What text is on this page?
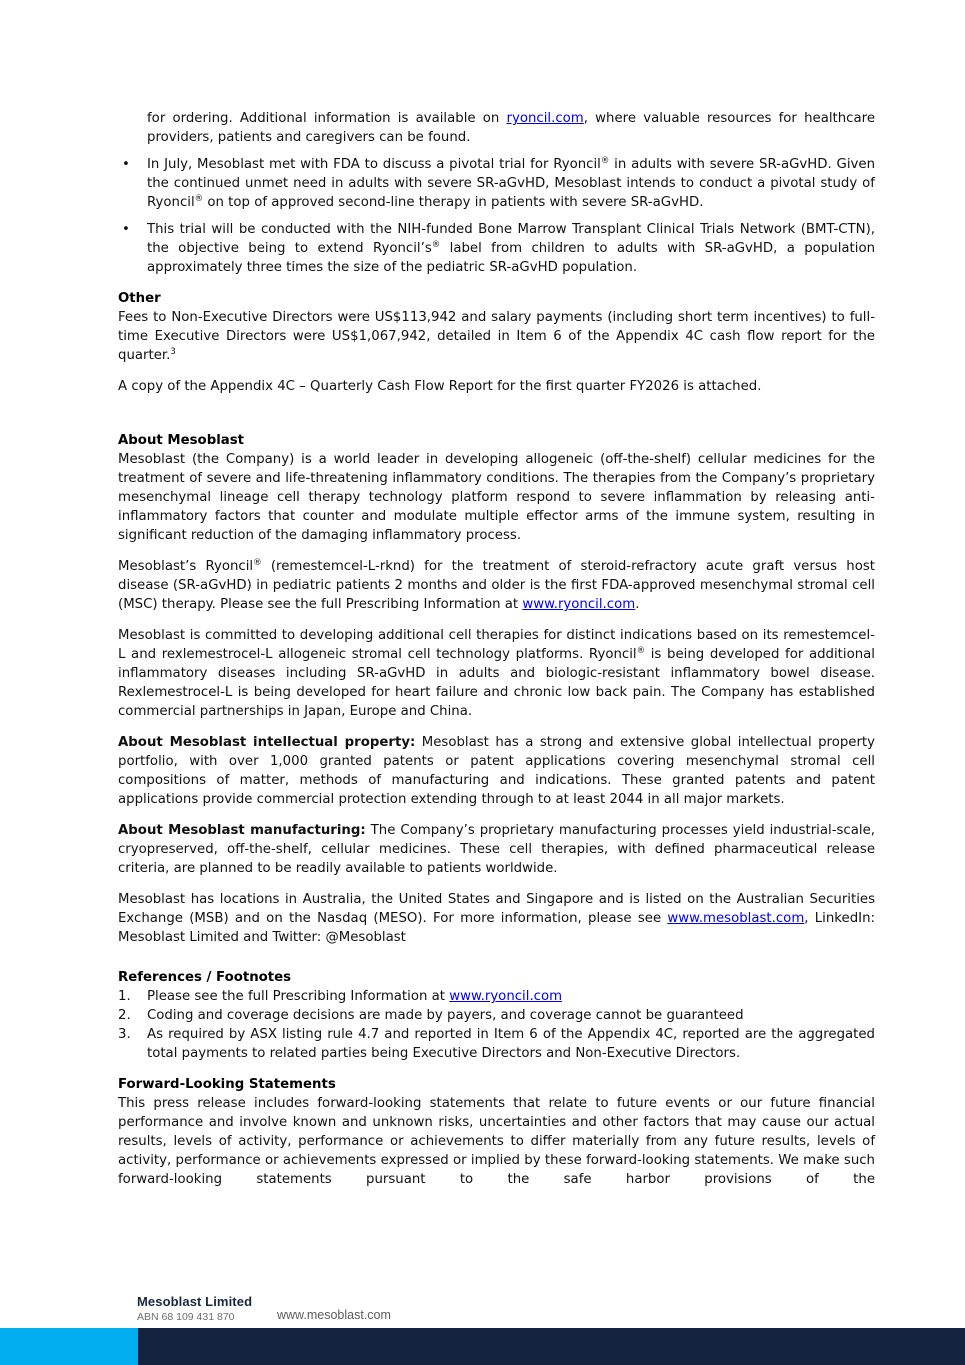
for ordering. Additional information is available on ryoncil.com, where valuable resources for healthcare providers, patients and caregivers can be found.

• In July, Mesoblast met with FDA to discuss a pivotal trial for Ryoncil® in adults with severe SR-aGvHD. Given the continued unmet need in adults with severe SR-aGvHD, Mesoblast intends to conduct a pivotal study of Ryoncil® on top of approved second-line therapy in patients with severe SR-aGvHD.

• This trial will be conducted with the NIH-funded Bone Marrow Transplant Clinical Trials Network (BMT-CTN), the objective being to extend Ryoncil’s® label from children to adults with SR-aGvHD, a population approximately three times the size of the pediatric SR-aGvHD population.

Other

Fees to Non-Executive Directors were US$113,942 and salary payments (including short term incentives) to full-time Executive Directors were US$1,067,942, detailed in Item 6 of the Appendix 4C cash flow report for the quarter.$^3$

A copy of the Appendix 4C – Quarterly Cash Flow Report for the first quarter FY2026 is attached.

About Mesoblast

Mesoblast (the Company) is a world leader in developing allogeneic (off-the-shelf) cellular medicines for the treatment of severe and life-threatening inflammatory conditions. The therapies from the Company’s proprietary mesenchymal lineage cell therapy technology platform respond to severe inflammation by releasing anti-inflammatory factors that counter and modulate multiple effector arms of the immune system, resulting in significant reduction of the damaging inflammatory process.

Mesoblast’s Ryoncil® (remestemcel-L-rknd) for the treatment of steroid-refractory acute graft versus host disease (SR-aGvHD) in pediatric patients 2 months and older is the first FDA-approved mesenchymal stromal cell (MSC) therapy. Please see the full Prescribing Information at www.ryoncil.com.

Mesoblast is committed to developing additional cell therapies for distinct indications based on its remestemcel-L and rexlemestrocel-L allogeneic stromal cell technology platforms. Ryoncil® is being developed for additional inflammatory diseases including SR-aGvHD in adults and biologic-resistant inflammatory bowel disease. Rexlemestrocel-L is being developed for heart failure and chronic low back pain. The Company has established commercial partnerships in Japan, Europe and China.

About Mesoblast intellectual property: Mesoblast has a strong and extensive global intellectual property portfolio, with over 1,000 granted patents or patent applications covering mesenchymal stromal cell compositions of matter, methods of manufacturing and indications. These granted patents and patent applications provide commercial protection extending through to at least 2044 in all major markets.

About Mesoblast manufacturing: The Company’s proprietary manufacturing processes yield industrial-scale, cryopreserved, off-the-shelf, cellular medicines. These cell therapies, with defined pharmaceutical release criteria, are planned to be readily available to patients worldwide.

Mesoblast has locations in Australia, the United States and Singapore and is listed on the Australian Securities Exchange (MSB) and on the Nasdaq (MESO). For more information, please see www.mesoblast.com, LinkedIn: Mesoblast Limited and Twitter: @Mesoblast

References / Footnotes

1. Please see the full Prescribing Information at www.ryoncil.com

2. Coding and coverage decisions are made by payers, and coverage cannot be guaranteed

3. As required by ASX listing rule 4.7 and reported in Item 6 of the Appendix 4C, reported are the aggregated total payments to related parties being Executive Directors and Non-Executive Directors.

Forward-Looking Statements

This press release includes forward-looking statements that relate to future events or our future financial performance and involve known and unknown risks, uncertainties and other factors that may cause our actual results, levels of activity, performance or achievements to differ materially from any future results, levels of activity, performance or achievements expressed or implied by these forward-looking statements. We make such forward-looking statements pursuant to the safe harbor provisions of the

Mesoblast Limited
ABN 68 109 431 870	www.mesoblast.com
